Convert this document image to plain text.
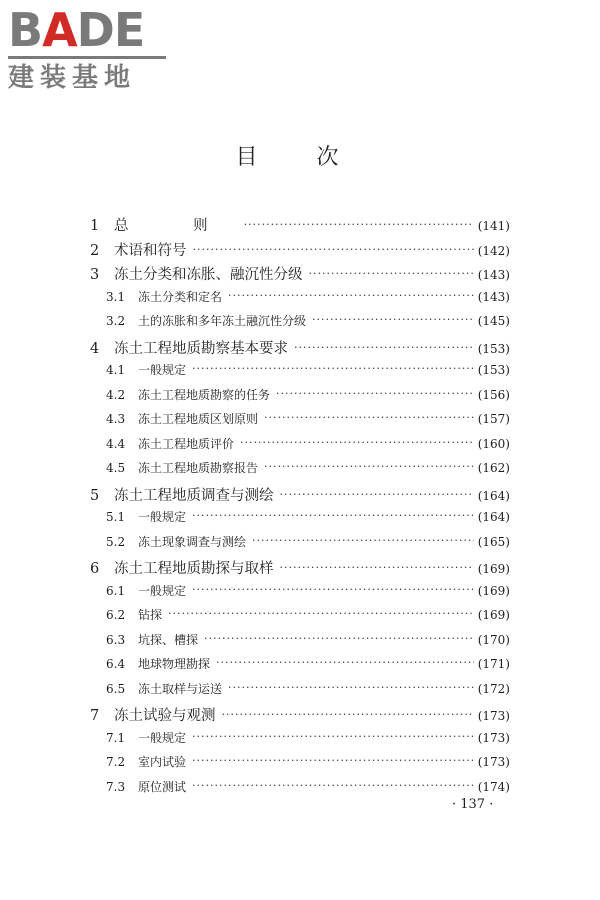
BADE
建装基地
目 次
1	总 则 ·····	(141)
2	术语和符号 ·····	(142)
3	冻土分类和冻胀、融沉性分级 ·····	(143)
3.1	冻土分类和定名 ·····	(143)
3.2	土的冻胀和多年冻土融沉性分级 ·····	(145)
4	冻土工程地质勘察基本要求 ·····	(153)
4.1	一般规定 ·····	(153)
4.2	冻土工程地质勘察的任务 ·····	(156)
4.3	冻土工程地质区划原则 ·····	(157)
4.4	冻土工程地质评价 ·····	(160)
4.5	冻土工程地质勘察报告 ·····	(162)
5	冻土工程地质调查与测绘 ·····	(164)
5.1	一般规定 ·····	(164)
5.2	冻土现象调查与测绘 ·····	(165)
6	冻土工程地质勘探与取样 ·····	(169)
6.1	一般规定 ·····	(169)
6.2	钻探 ·····	(169)
6.3	坑探、槽探 ·····	(170)
6.4	地球物理勘探 ·····	(171)
6.5	冻土取样与运送 ·····	(172)
7	冻土试验与观测 ·····	(173)
7.1	一般规定 ·····	(173)
7.2	室内试验 ·····	(173)
7.3	原位测试 ·····	(174)
· 137 ·
